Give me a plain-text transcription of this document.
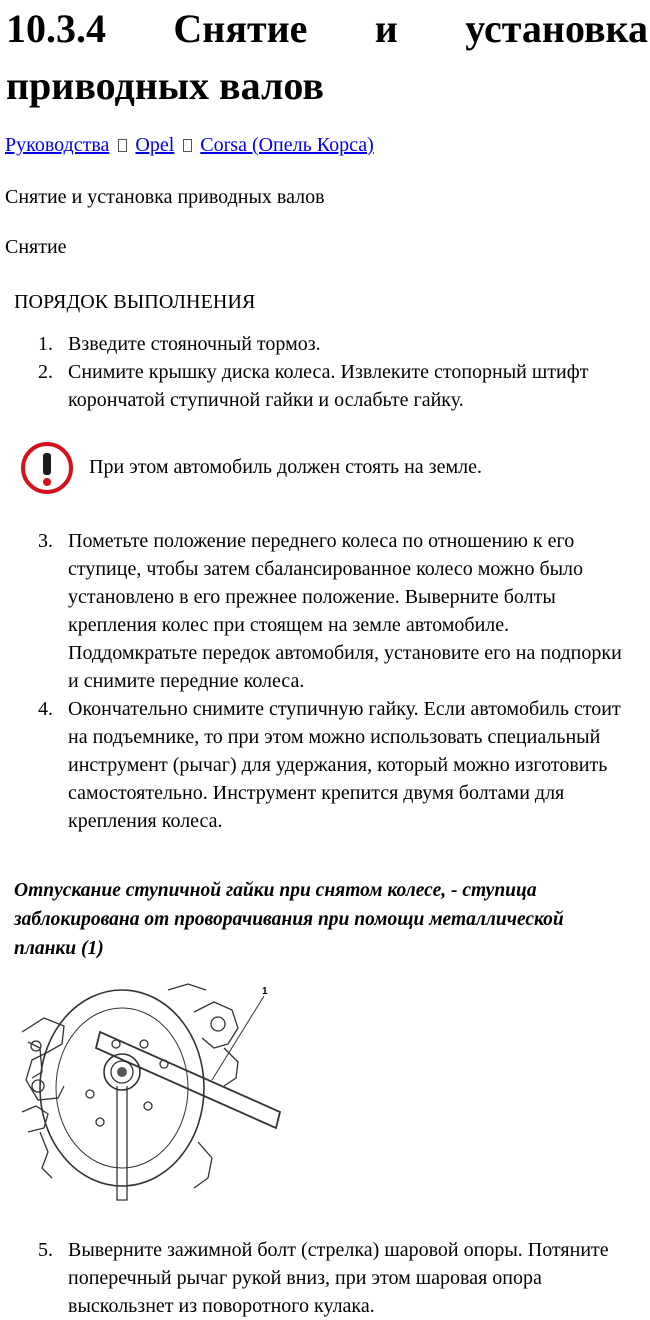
10.3.4 Снятие и установка приводных валов
Руководства Opel Corsa (Опель Корса)

Снятие и установка приводных валов

Снятие

ПОРЯДОК ВЫПОЛНЕНИЯ

1. Взведите стояночный тормоз.
2. Снимите крышку диска колеса. Извлеките стопорный штифт корончатой ступичной гайки и ослабьте гайку.
При этом автомобиль должен стоять на земле.
3. Пометьте положение переднего колеса по отношению к его ступице, чтобы затем сбалансированное колесо можно было установлено в его прежнее положение. Выверните болты крепления колес при стоящем на земле автомобиле. Поддомкратьте передок автомобиля, установите его на подпорки и снимите передние колеса.
4. Окончательно снимите ступичную гайку. Если автомобиль стоит на подъемнике, то при этом можно использовать специальный инструмент (рычаг) для удержания, который можно изготовить самостоятельно. Инструмент крепится двумя болтами для крепления колеса.

Отпускание ступичной гайки при снятом колесе, - ступица заблокирована от проворачивания при помощи металлической планки (1)

1
5. Выверните зажимной болт (стрелка) шаровой опоры. Потяните поперечный рычаг рукой вниз, при этом шаровая опора выскользнет из поворотного кулака.
